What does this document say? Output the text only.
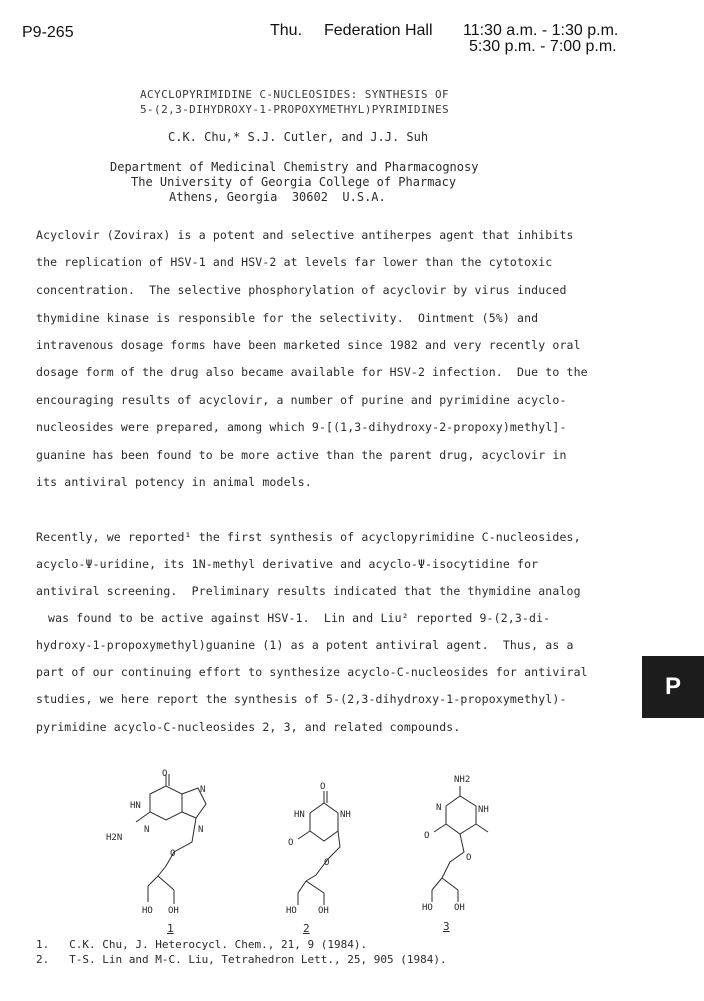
P9-265	Thu. Federation Hall 11:30 a.m. - 1:30 p.m.
5:30 p.m. - 7:00 p.m.
ACYCLOPYRIMIDINE C-NUCLEOSIDES: SYNTHESIS OF
5-(2,3-DIHYDROXY-1-PROPOXYMETHYL)PYRIMIDINES
C.K. Chu,* S.J. Cutler, and J.J. Suh
Department of Medicinal Chemistry and Pharmacognosy
The University of Georgia College of Pharmacy
Athens, Georgia  30602  U.S.A.
Acyclovir (Zovirax) is a potent and selective antiherpes agent that inhibits
the replication of HSV-1 and HSV-2 at levels far lower than the cytotoxic
concentration.  The selective phosphorylation of acyclovir by virus induced
thymidine kinase is responsible for the selectivity.  Ointment (5%) and
intravenous dosage forms have been marketed since 1982 and very recently oral
dosage form of the drug also became available for HSV-2 infection.  Due to the
encouraging results of acyclovir, a number of purine and pyrimidine acyclo-
nucleosides were prepared, among which 9-[(1,3-dihydroxy-2-propoxy)methyl]-
guanine has been found to be more active than the parent drug, acyclovir in
its antiviral potency in animal models.
Recently, we reported¹ the first synthesis of acyclopyrimidine C-nucleosides,
acyclo-Ψ-uridine, its 1N-methyl derivative and acyclo-Ψ-isocytidine for
antiviral screening.  Preliminary results indicated that the thymidine analog
was found to be active against HSV-1.  Lin and Liu² reported 9-(2,3-di-
hydroxy-1-propoxymethyl)guanine (1) as a potent antiviral agent.  Thus, as a
part of our continuing effort to synthesize acyclo-C-nucleosides for antiviral
studies, we here report the synthesis of 5-(2,3-dihydroxy-1-propoxymethyl)-
pyrimidine acyclo-C-nucleosides 2, 3, and related compounds.
P
HN
N
N
H2N
N
O
O
HO OH
1
O
HN
O
NH
O
HO OH
2
NH2
N	NH
O
O
HO OH
3
1.   C.K. Chu, J. Heterocycl. Chem., 21, 9 (1984).
2.   T-S. Lin and M-C. Liu, Tetrahedron Lett., 25, 905 (1984).
